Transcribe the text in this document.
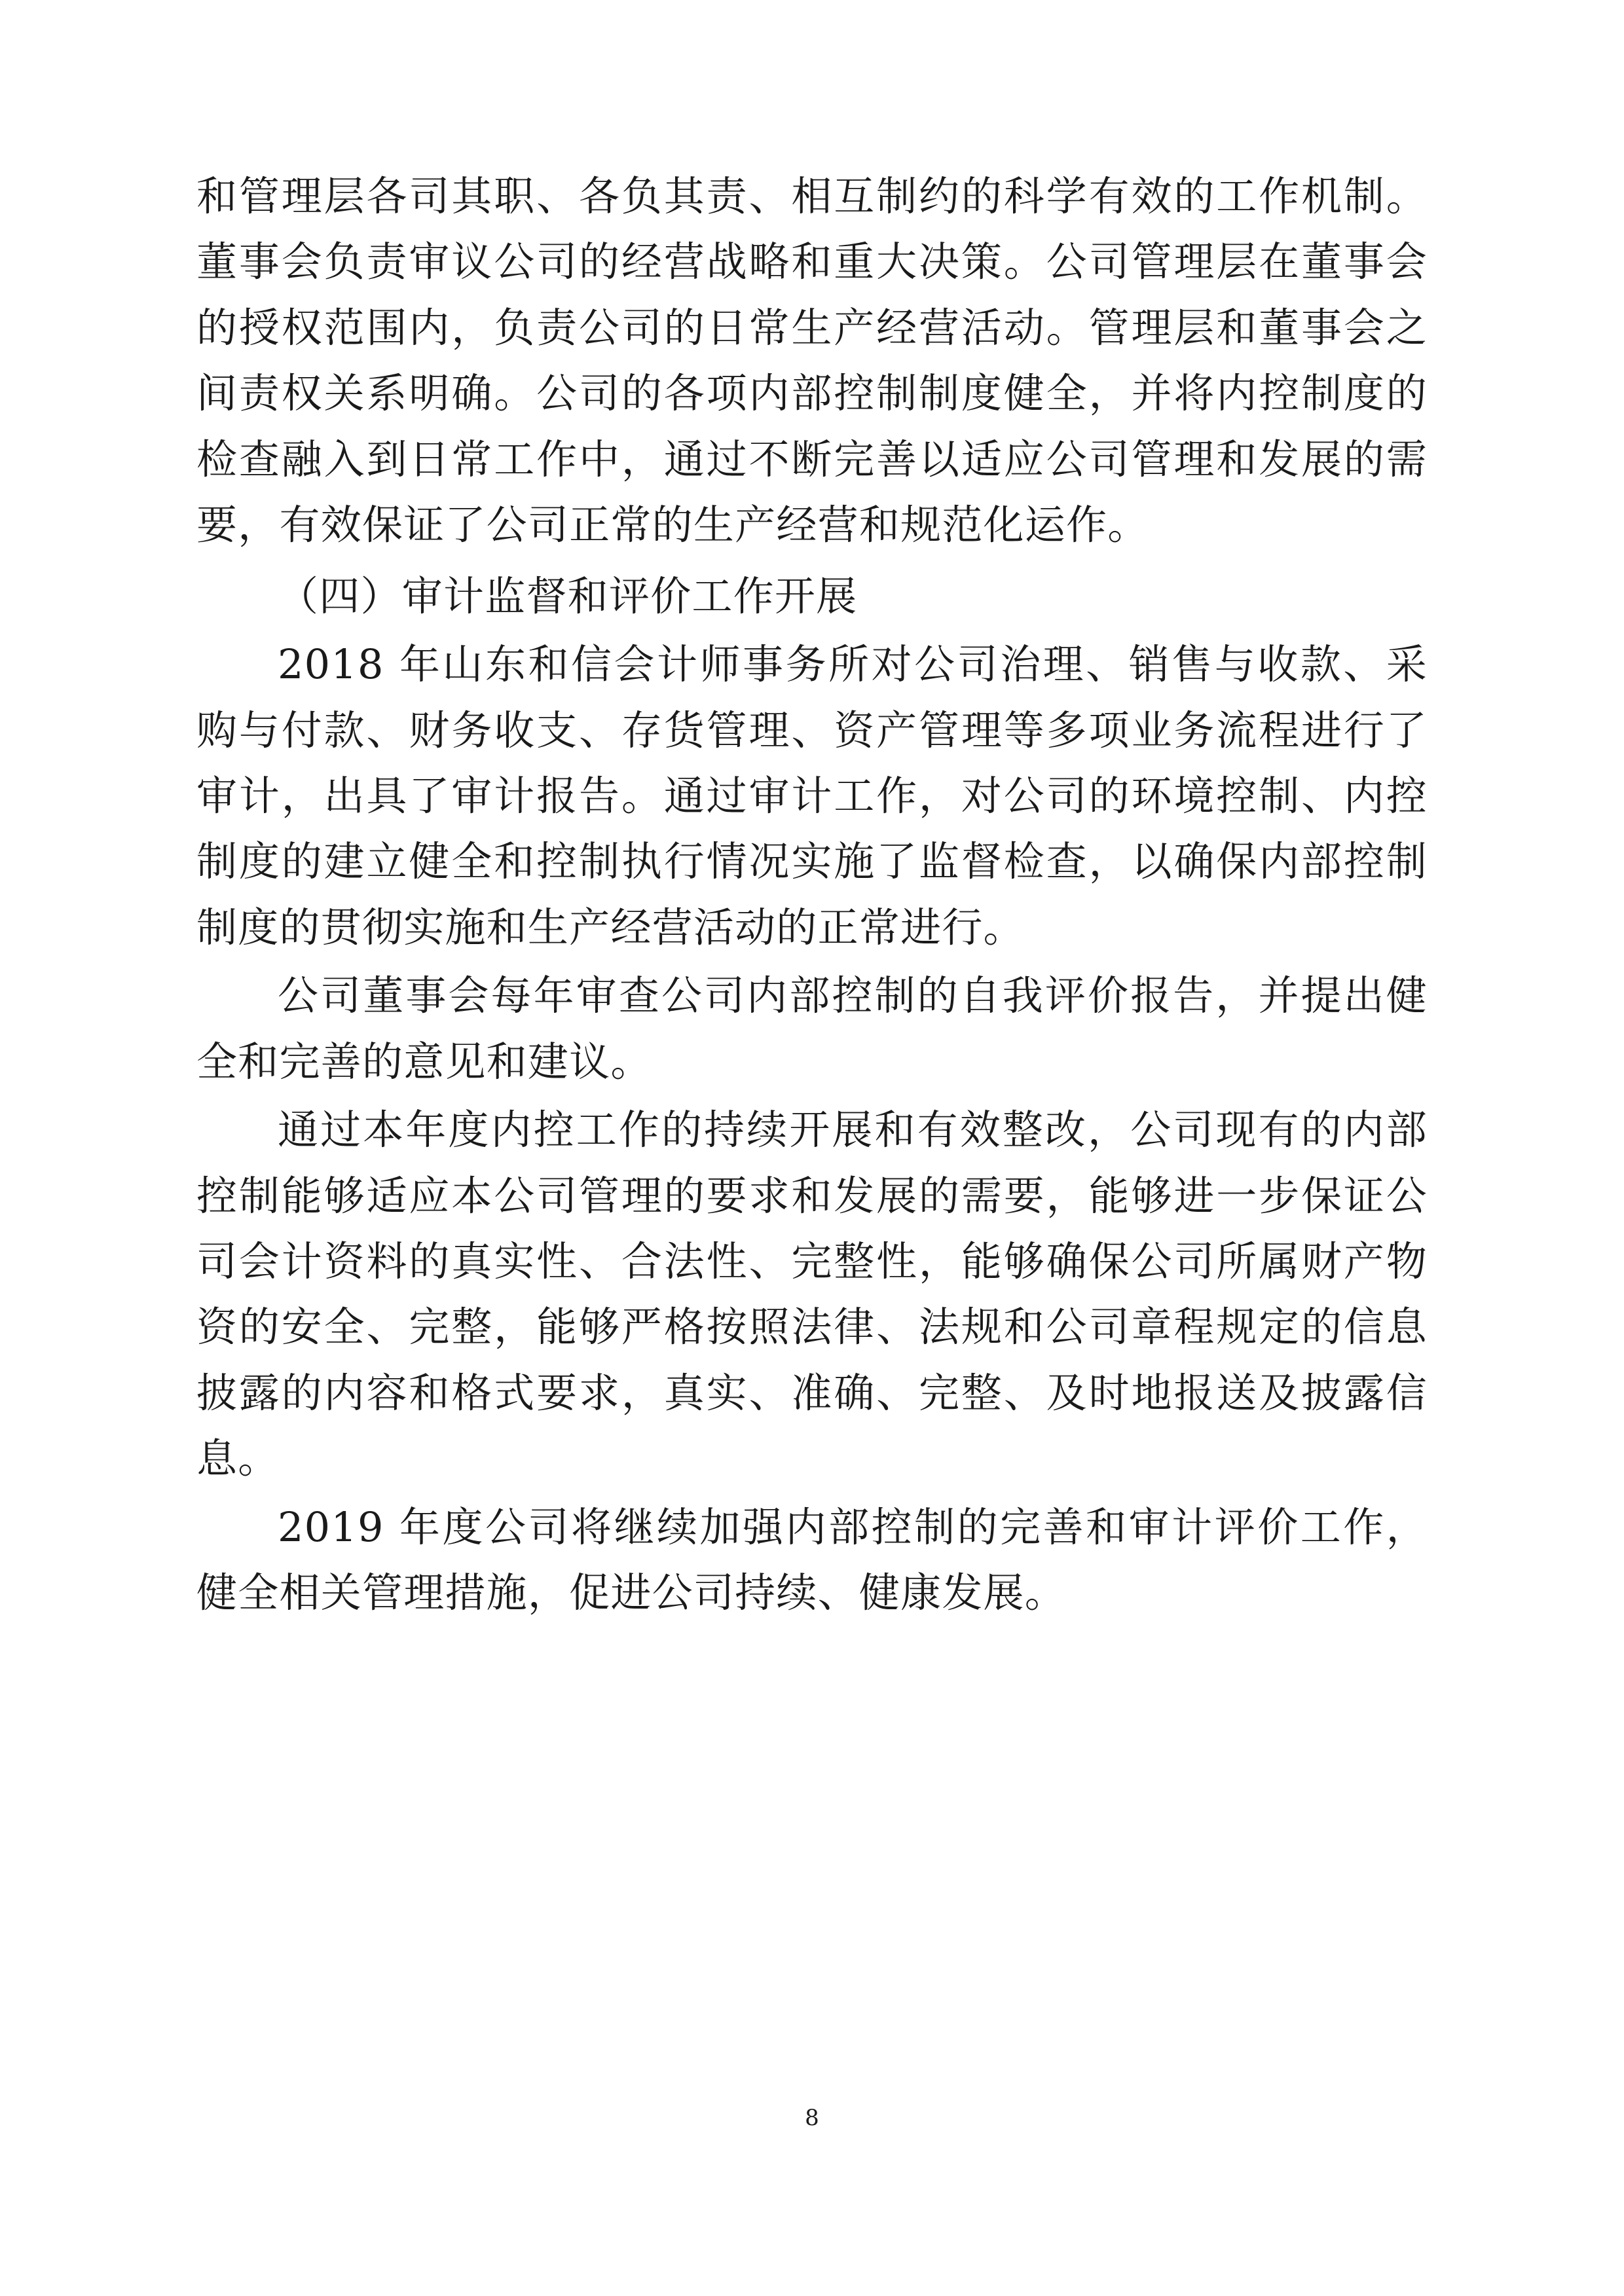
和管理层各司其职、各负其责、相互制约的科学有效的工作机制。董事会负责审议公司的经营战略和重大决策。公司管理层在董事会的授权范围内，负责公司的日常生产经营活动。管理层和董事会之间责权关系明确。公司的各项内部控制制度健全，并将内控制度的检查融入到日常工作中，通过不断完善以适应公司管理和发展的需要，有效保证了公司正常的生产经营和规范化运作。

（四）审计监督和评价工作开展

2018 年山东和信会计师事务所对公司治理、销售与收款、采购与付款、财务收支、存货管理、资产管理等多项业务流程进行了审计，出具了审计报告。通过审计工作，对公司的环境控制、内控制度的建立健全和控制执行情况实施了监督检查，以确保内部控制制度的贯彻实施和生产经营活动的正常进行。

公司董事会每年审查公司内部控制的自我评价报告，并提出健全和完善的意见和建议。

通过本年度内控工作的持续开展和有效整改，公司现有的内部控制能够适应本公司管理的要求和发展的需要，能够进一步保证公司会计资料的真实性、合法性、完整性，能够确保公司所属财产物资的安全、完整，能够严格按照法律、法规和公司章程规定的信息披露的内容和格式要求，真实、准确、完整、及时地报送及披露信息。

2019 年度公司将继续加强内部控制的完善和审计评价工作，健全相关管理措施，促进公司持续、健康发展。

8
